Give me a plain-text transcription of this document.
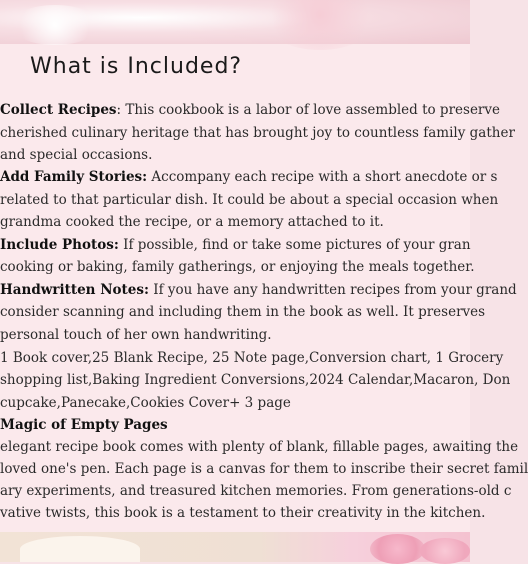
What is Included?
Collect Recipes: This cookbook is a labor of love assembled to preserve
cherished culinary heritage that has brought joy to countless family gather
and special occasions.
Add Family Stories: Accompany each recipe with a short anecdote or s
related to that particular dish. It could be about a special occasion when
grandma cooked the recipe, or a memory attached to it.
Include Photos: If possible, find or take some pictures of your gran
cooking or baking, family gatherings, or enjoying the meals together.
Handwritten Notes: If you have any handwritten recipes from your grand
consider scanning and including them in the book as well. It preserves
personal touch of her own handwriting.
1 Book cover,25 Blank Recipe, 25 Note page,Conversion chart, 1 Grocery
shopping list,Baking Ingredient Conversions,2024 Calendar,Macaron, Don
cupcake,Panecake,Cookies Cover+ 3 page
Magic of Empty Pages
elegant recipe book comes with plenty of blank, fillable pages, awaiting the
loved one's pen. Each page is a canvas for them to inscribe their secret famil
ary experiments, and treasured kitchen memories. From generations-old c
vative twists, this book is a testament to their creativity in the kitchen.
